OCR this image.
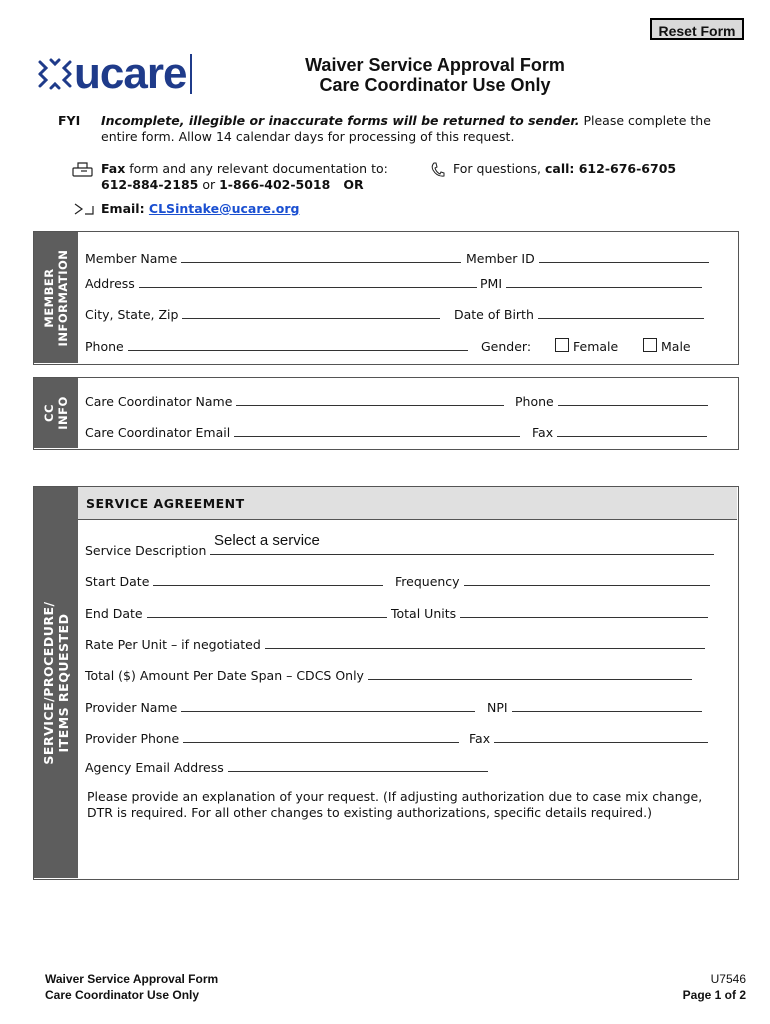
Reset Form
ucare	Waiver Service Approval Form
Care Coordinator Use Only
FYI Incomplete, illegible or inaccurate forms will be returned to sender. Please complete the
entire form. Allow 14 calendar days for processing of this request.
Fax form and any relevant documentation to:
612-884-2185 or 1-866-402-5018   OR
For questions, call: 612-676-6705
Email: CLSintake@ucare.org
MEMBER INFORMATION Member Name	Member ID
Address	PMI
City, State, Zip	Date of Birth
Phone	Gender:	Female	Male
CC INFO Care Coordinator Name	Phone
Care Coordinator Email	Fax
SERVICE/PROCEDURE/ ITEMS REQUESTED
SERVICE AGREEMENT
Select a service
Service Description
Start Date	Frequency
End Date	Total Units
Rate Per Unit – if negotiated
Total ($) Amount Per Date Span – CDCS Only
Provider Name	NPI
Provider Phone	Fax
Agency Email Address
Please provide an explanation of your request. (If adjusting authorization due to case mix change,
DTR is required. For all other changes to existing authorizations, specific details required.)
Waiver Service Approval Form
Care Coordinator Use Only
U7546
Page 1 of 2
